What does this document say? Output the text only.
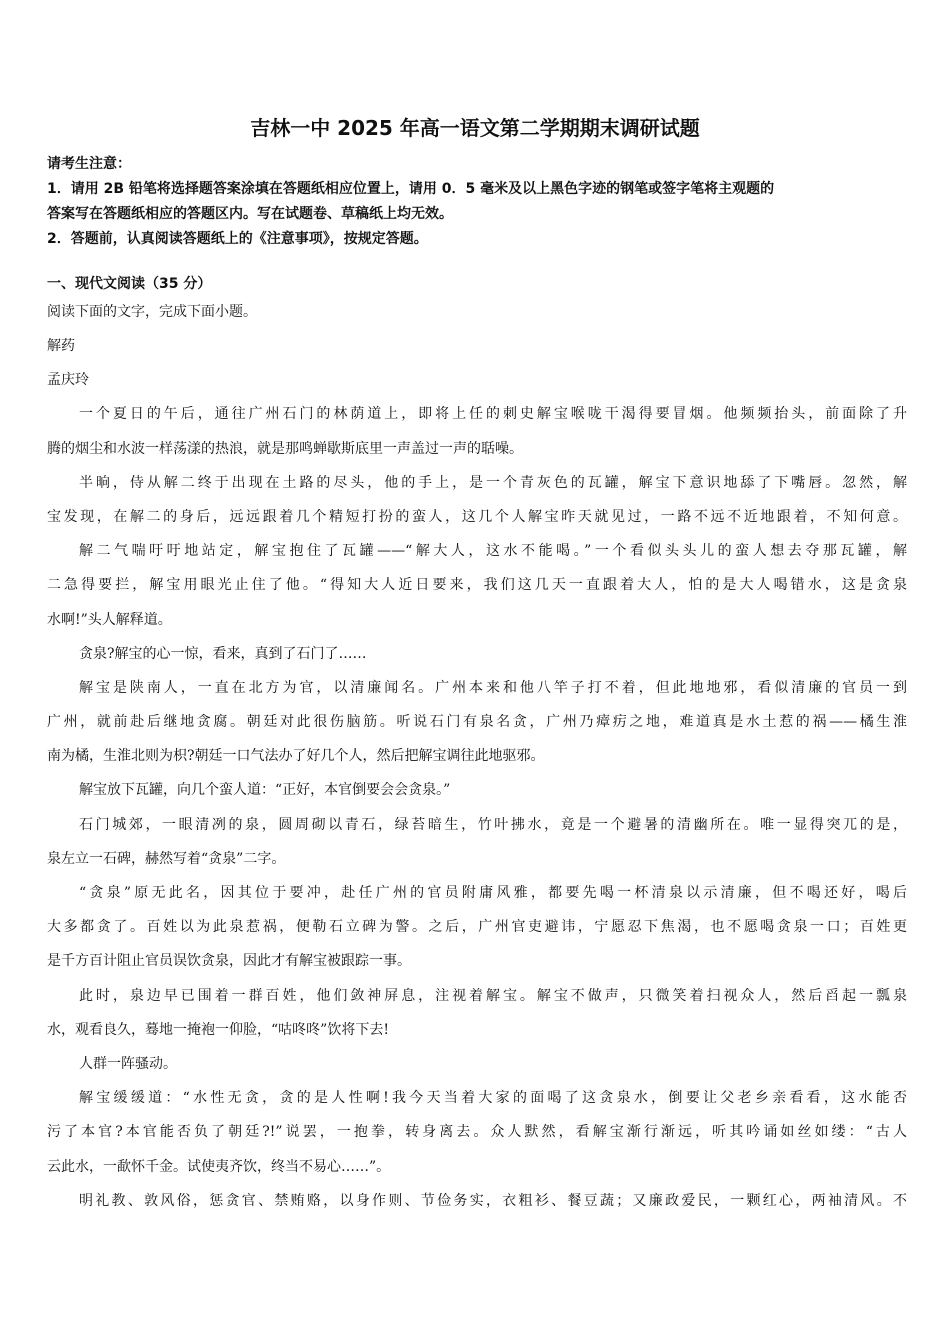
吉林一中 2025 年高一语文第二学期期末调研试题
请考生注意：
1．请用 2B 铅笔将选择题答案涂填在答题纸相应位置上，请用 0．5 毫米及以上黑色字迹的钢笔或签字笔将主观题的
答案写在答题纸相应的答题区内。写在试题卷、草稿纸上均无效。
2．答题前，认真阅读答题纸上的《注意事项》，按规定答题。
一、现代文阅读（35 分）
阅读下面的文字，完成下面小题。
解药
孟庆玲
一个夏日的午后，通往广州石门的林荫道上，即将上任的刺史解宝喉咙干渴得要冒烟。他频频抬头，前面除了升
腾的烟尘和水波一样荡漾的热浪，就是那鸣蝉歇斯底里一声盖过一声的聒噪。
半晌，侍从解二终于出现在土路的尽头，他的手上，是一个青灰色的瓦罐，解宝下意识地舔了下嘴唇。忽然，解
宝发现，在解二的身后，远远跟着几个精短打扮的蛮人，这几个人解宝昨天就见过，一路不远不近地跟着，不知何意。
解二气喘吁吁地站定，解宝抱住了瓦罐——“解大人，这水不能喝。”一个看似头头儿的蛮人想去夺那瓦罐，解
二急得要拦，解宝用眼光止住了他。“得知大人近日要来，我们这几天一直跟着大人，怕的是大人喝错水，这是贪泉
水啊!”头人解释道。
贪泉?解宝的心一惊，看来，真到了石门了……
解宝是陕南人，一直在北方为官，以清廉闻名。广州本来和他八竿子打不着，但此地地邪，看似清廉的官员一到
广州，就前赴后继地贪腐。朝廷对此很伤脑筋。听说石门有泉名贪，广州乃瘴疠之地，难道真是水土惹的祸——橘生淮
南为橘，生淮北则为枳?朝廷一口气法办了好几个人，然后把解宝调往此地驱邪。
解宝放下瓦罐，向几个蛮人道：“正好，本官倒要会会贪泉。”
石门城郊，一眼清冽的泉，圆周砌以青石，绿苔暗生，竹叶拂水，竟是一个避暑的清幽所在。唯一显得突兀的是，
泉左立一石碑，赫然写着“贪泉”二字。
“贪泉”原无此名，因其位于要冲，赴任广州的官员附庸风雅，都要先喝一杯清泉以示清廉，但不喝还好，喝后
大多都贪了。百姓以为此泉惹祸，便勒石立碑为警。之后，广州官吏避讳，宁愿忍下焦渴，也不愿喝贪泉一口；百姓更
是千方百计阻止官员误饮贪泉，因此才有解宝被跟踪一事。
此时，泉边早已围着一群百姓，他们敛神屏息，注视着解宝。解宝不做声，只微笑着扫视众人，然后舀起一瓢泉
水，观看良久，蓦地一掩袍一仰脸，“咕咚咚”饮将下去!
人群一阵骚动。
解宝缓缓道：“水性无贪，贪的是人性啊!我今天当着大家的面喝了这贪泉水，倒要让父老乡亲看看，这水能否
污了本官?本官能否负了朝廷?!”说罢，一抱拳，转身离去。众人默然，看解宝渐行渐远，听其吟诵如丝如缕：“古人
云此水，一歃怀千金。试使夷齐饮，终当不易心……”。
明礼教、敦风俗，惩贪官、禁贿赂，以身作则、节俭务实，衣粗衫、餐豆蔬；又廉政爱民，一颗红心，两袖清风。不
